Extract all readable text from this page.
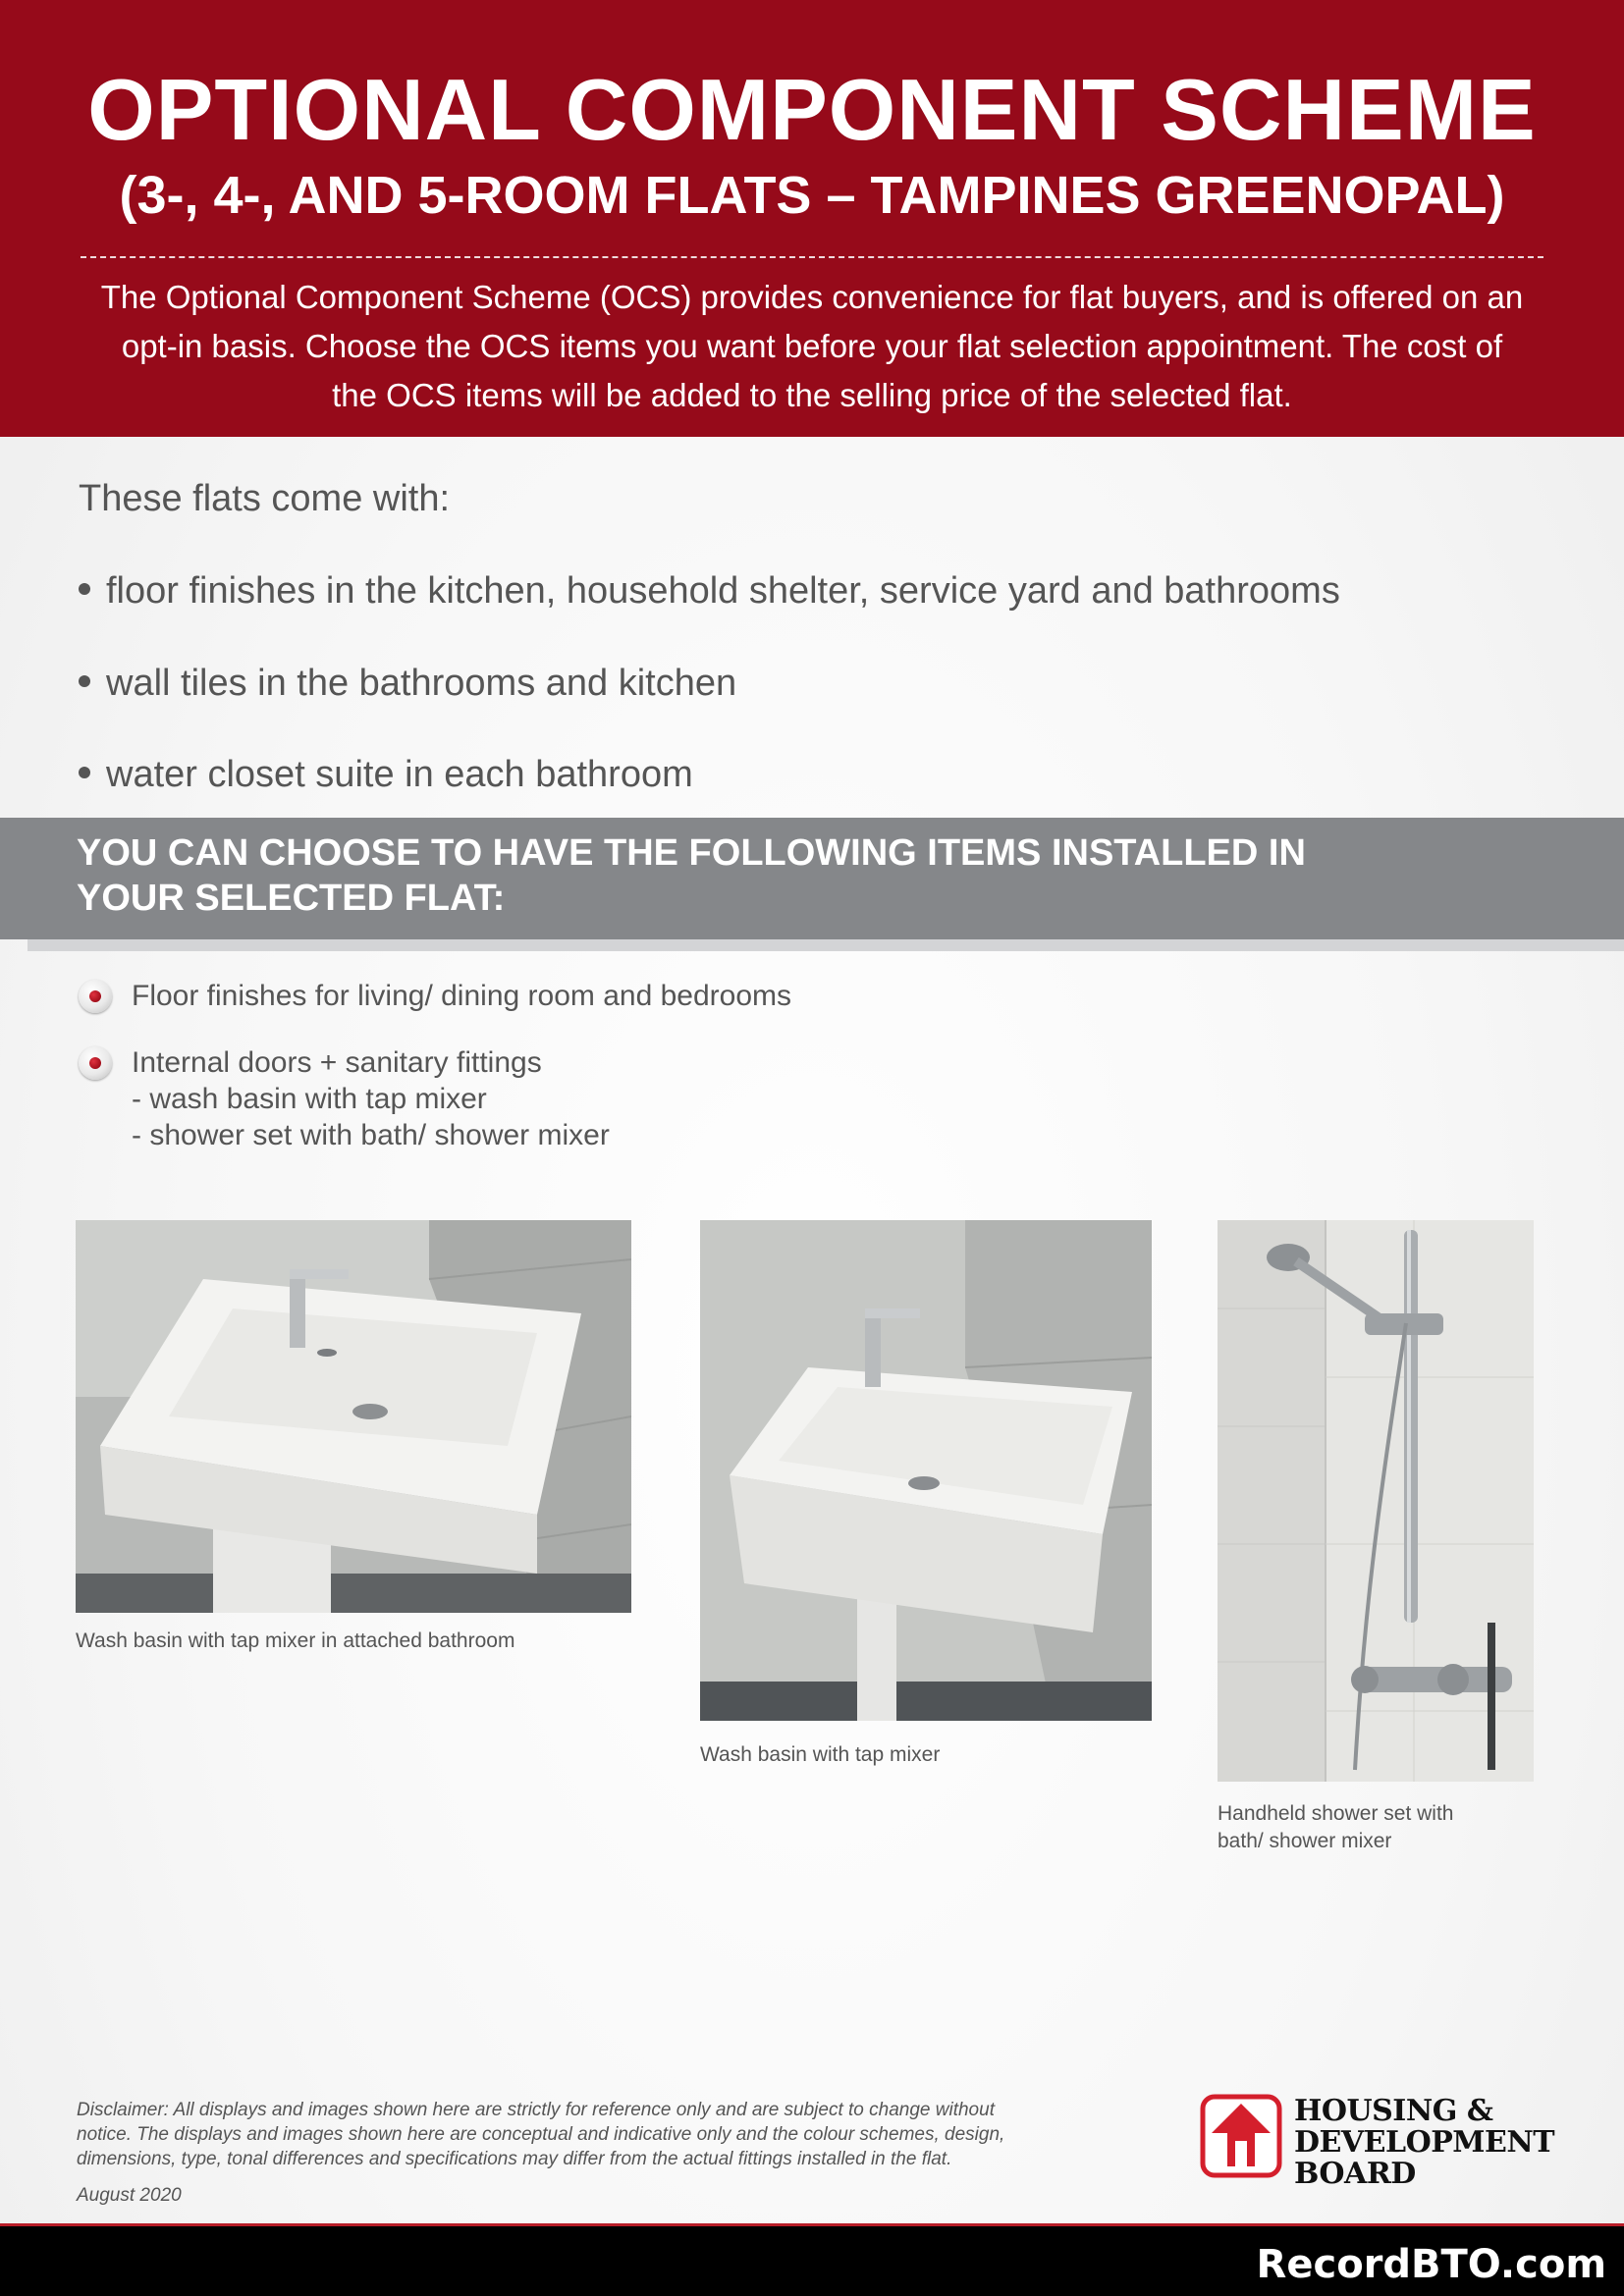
OPTIONAL COMPONENT SCHEME
(3-, 4-, AND 5-ROOM FLATS – TAMPINES GREENOPAL)
The Optional Component Scheme (OCS) provides convenience for flat buyers, and is offered on an
opt-in basis. Choose the OCS items you want before your flat selection appointment. The cost of
the OCS items will be added to the selling price of the selected flat.
These flats come with:
floor finishes in the kitchen, household shelter, service yard and bathrooms
wall tiles in the bathrooms and kitchen
water closet suite in each bathroom
YOU CAN CHOOSE TO HAVE THE FOLLOWING ITEMS INSTALLED IN
YOUR SELECTED FLAT:
Floor finishes for living/ dining room and bedrooms
Internal doors + sanitary fittings
- wash basin with tap mixer
- shower set with bath/ shower mixer
Wash basin with tap mixer in attached bathroom
Wash basin with tap mixer
Handheld shower set with
bath/ shower mixer
Disclaimer: All displays and images shown here are strictly for reference only and are subject to change without
notice. The displays and images shown here are conceptual and indicative only and the colour schemes, design,
dimensions, type, tonal differences and specifications may differ from the actual fittings installed in the flat.
August 2020
HOUSING &
DEVELOPMENT
BOARD
RecordBTO.com
